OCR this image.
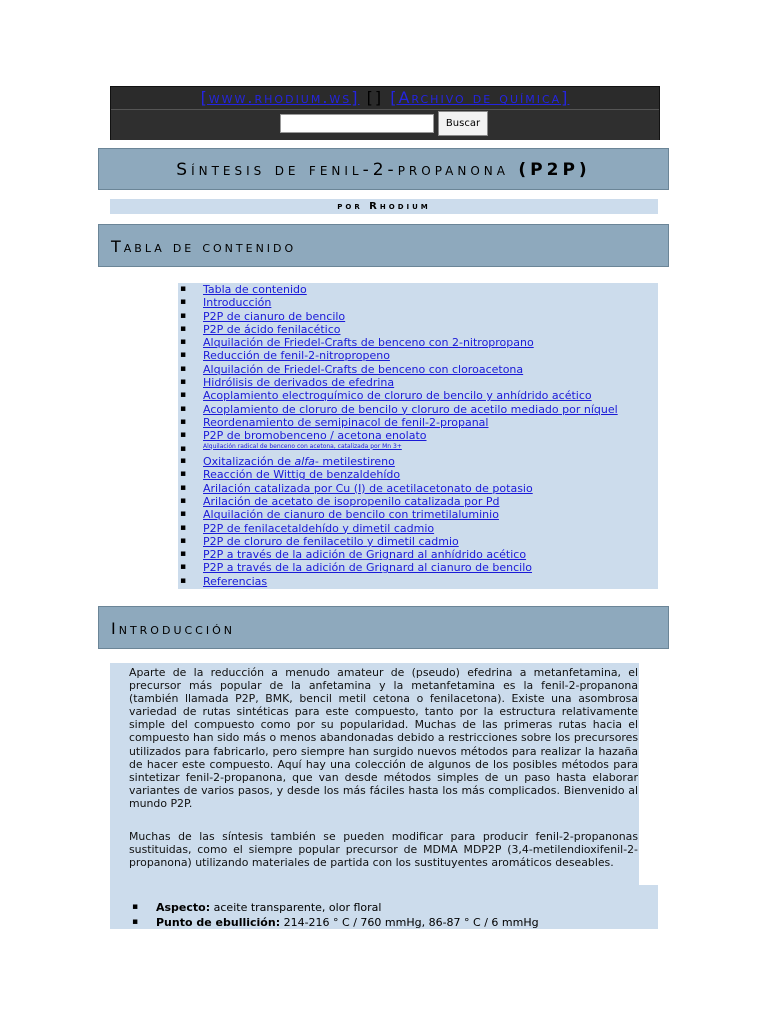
[www.rhodium.ws] [] [Archivo de química]
Buscar
Síntesis de fenil-2-propanona (P2P)
por Rhodium
Tabla de contenido
▪ Tabla de contenido
▪ Introducción
▪ P2P de cianuro de bencilo
▪ P2P de ácido fenilacético
▪ Alquilación de Friedel-Crafts de benceno con 2-nitropropano
▪ Reducción de fenil-2-nitropropeno
▪ Alquilación de Friedel-Crafts de benceno con cloroacetona
▪ Hidrólisis de derivados de efedrina
▪ Acoplamiento electroquímico de cloruro de bencilo y anhídrido acético
▪ Acoplamiento de cloruro de bencilo y cloruro de acetilo mediado por níquel
▪ Reordenamiento de semipinacol de fenil-2-propanal
▪ P2P de bromobenceno / acetona enolato
▪	$^{Alquilación radical de benceno con acetona, catalizada por Mn 3+}$
▪ Oxitalización de alfa- metilestireno
▪ Reacción de Wittig de benzaldehído
▪ Arilación catalizada por Cu (I) de acetilacetonato de potasio
▪ Arilación de acetato de isopropenilo catalizada por Pd
▪ Alquilación de cianuro de bencilo con trimetilaluminio
▪ P2P de fenilacetaldehído y dimetil cadmio
▪ P2P de cloruro de fenilacetilo y dimetil cadmio
▪ P2P a través de la adición de Grignard al anhídrido acético
▪ P2P a través de la adición de Grignard al cianuro de bencilo
▪ Referencias
Introducción

Aparte de la reducción a menudo amateur de (pseudo) efedrina a metanfetamina, el precursor más popular de la anfetamina y la metanfetamina es la fenil-2-propanona (también llamada P2P, BMK, bencil metil cetona o fenilacetona). Existe una asombrosa variedad de rutas sintéticas para este compuesto, tanto por la estructura relativamente simple del compuesto como por su popularidad. Muchas de las primeras rutas hacia el compuesto han sido más o menos abandonadas debido a restricciones sobre los precursores utilizados para fabricarlo, pero siempre han surgido nuevos métodos para realizar la hazaña de hacer este compuesto. Aquí hay una colección de algunos de los posibles métodos para sintetizar fenil-2-propanona, que van desde métodos simples de un paso hasta elaborar variantes de varios pasos, y desde los más fáciles hasta los más complicados. Bienvenido al mundo P2P.

Muchas de las síntesis también se pueden modificar para producir fenil-2-propanonas sustituidas, como el siempre popular precursor de MDMA MDP2P (3,4-metilendioxifenil-2-propanona) utilizando materiales de partida con los sustituyentes aromáticos deseables.

▪ Aspecto: aceite transparente, olor floral
▪ Punto de ebullición: 214-216 ° C / 760 mmHg, 86-87 ° C / 6 mmHg
